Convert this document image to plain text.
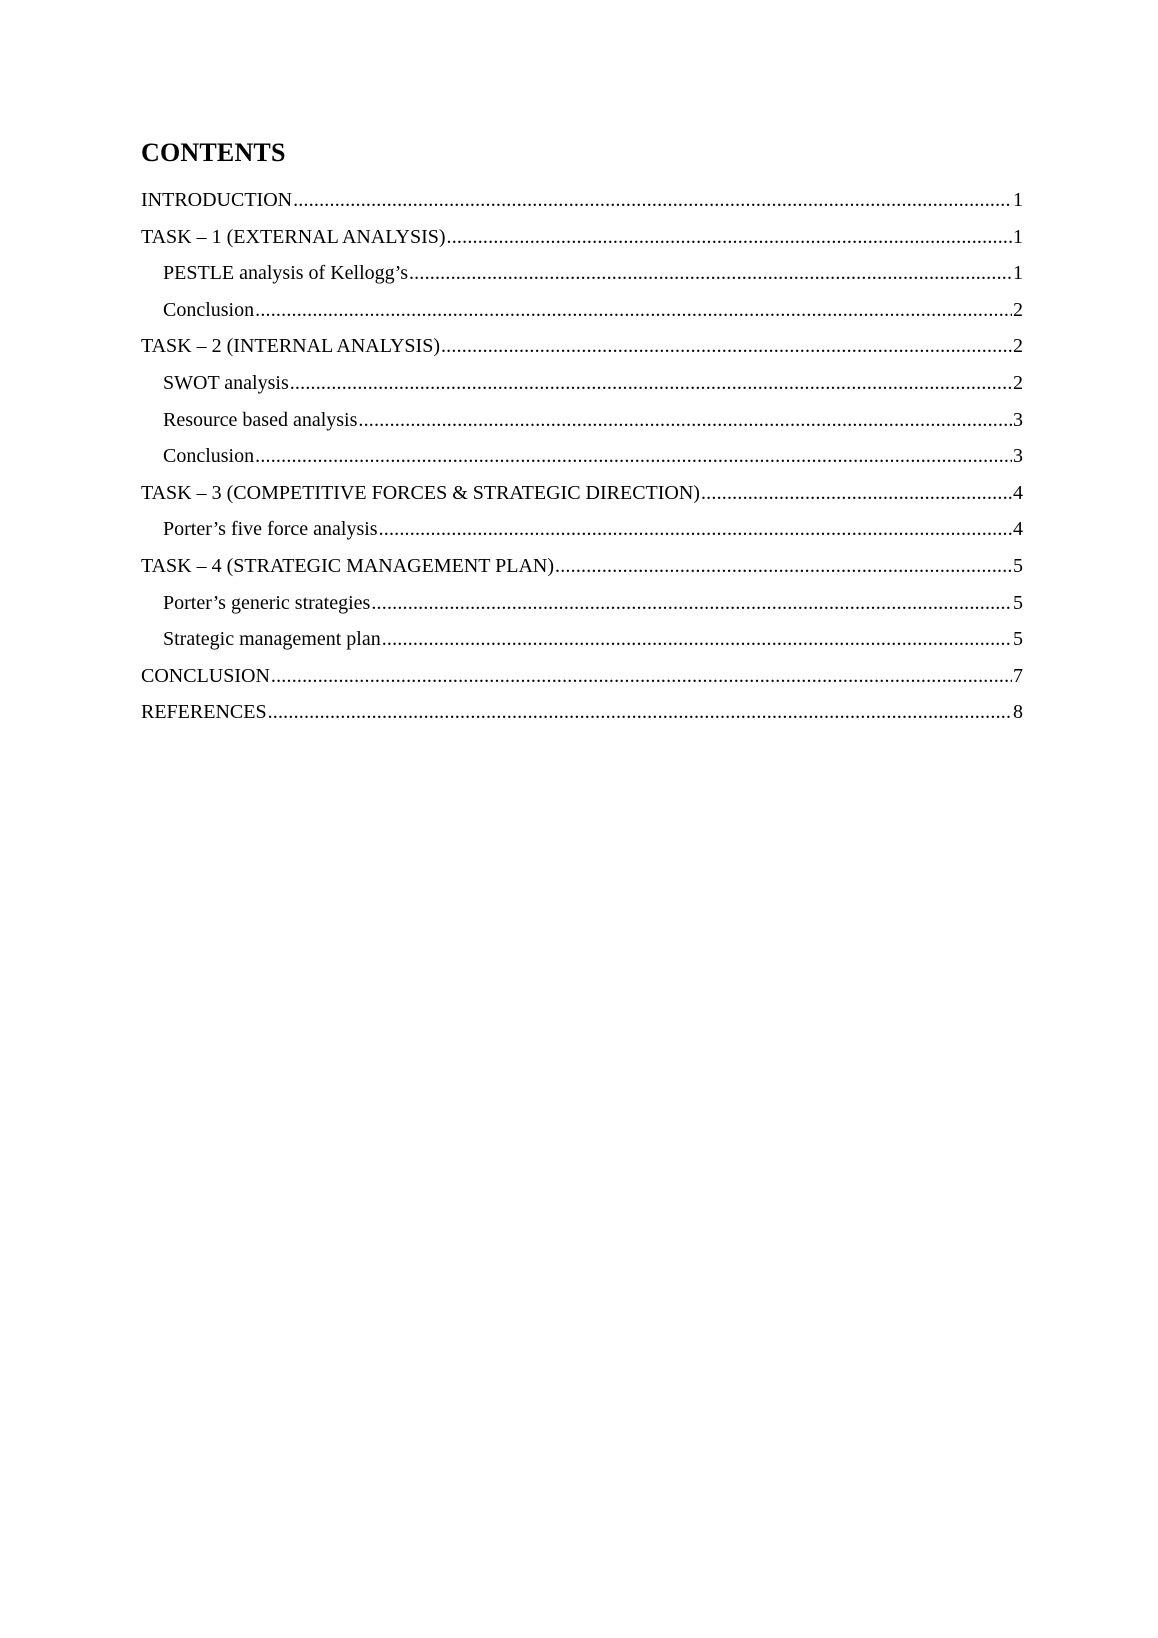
CONTENTS
INTRODUCTION .....	1
TASK – 1 (EXTERNAL ANALYSIS) .....	1
PESTLE analysis of Kellogg’s .....	1
Conclusion .....	2
TASK – 2 (INTERNAL ANALYSIS) .....	2
SWOT analysis .....	2
Resource based analysis .....	3
Conclusion .....	3
TASK – 3 (COMPETITIVE FORCES & STRATEGIC DIRECTION) .....	4
Porter’s five force analysis .....	4
TASK – 4 (STRATEGIC MANAGEMENT PLAN) .....	5
Porter’s generic strategies .....	5
Strategic management plan .....	5
CONCLUSION .....	7
REFERENCES .....	8
